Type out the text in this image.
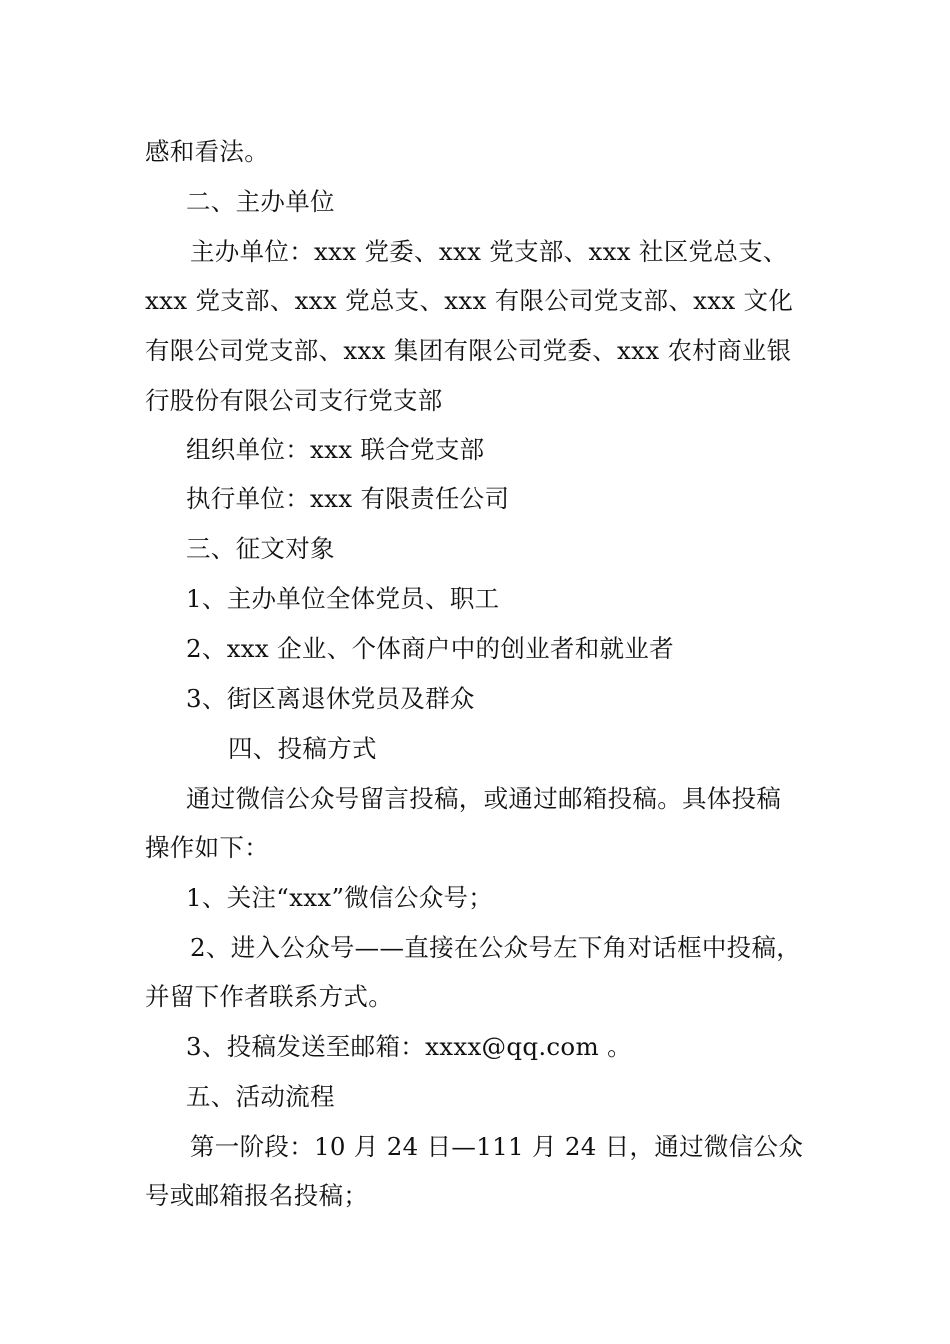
感和看法。
二、主办单位
主办单位：xxx 党委、xxx 党支部、xxx 社区党总支、
xxx 党支部、xxx 党总支、xxx 有限公司党支部、xxx 文化
有限公司党支部、xxx 集团有限公司党委、xxx 农村商业银
行股份有限公司支行党支部
组织单位：xxx 联合党支部
执行单位：xxx 有限责任公司
三、征文对象
1、主办单位全体党员、职工
2、xxx 企业、个体商户中的创业者和就业者
3、街区离退休党员及群众
四、投稿方式
通过微信公众号留言投稿，或通过邮箱投稿。具体投稿
操作如下：
1、关注“xxx”微信公众号；
2、进入公众号——直接在公众号左下角对话框中投稿，
并留下作者联系方式。
3、投稿发送至邮箱：xxxx@qq.com 。
五、活动流程
第一阶段：10 月 24 日—111 月 24 日，通过微信公众
号或邮箱报名投稿；
